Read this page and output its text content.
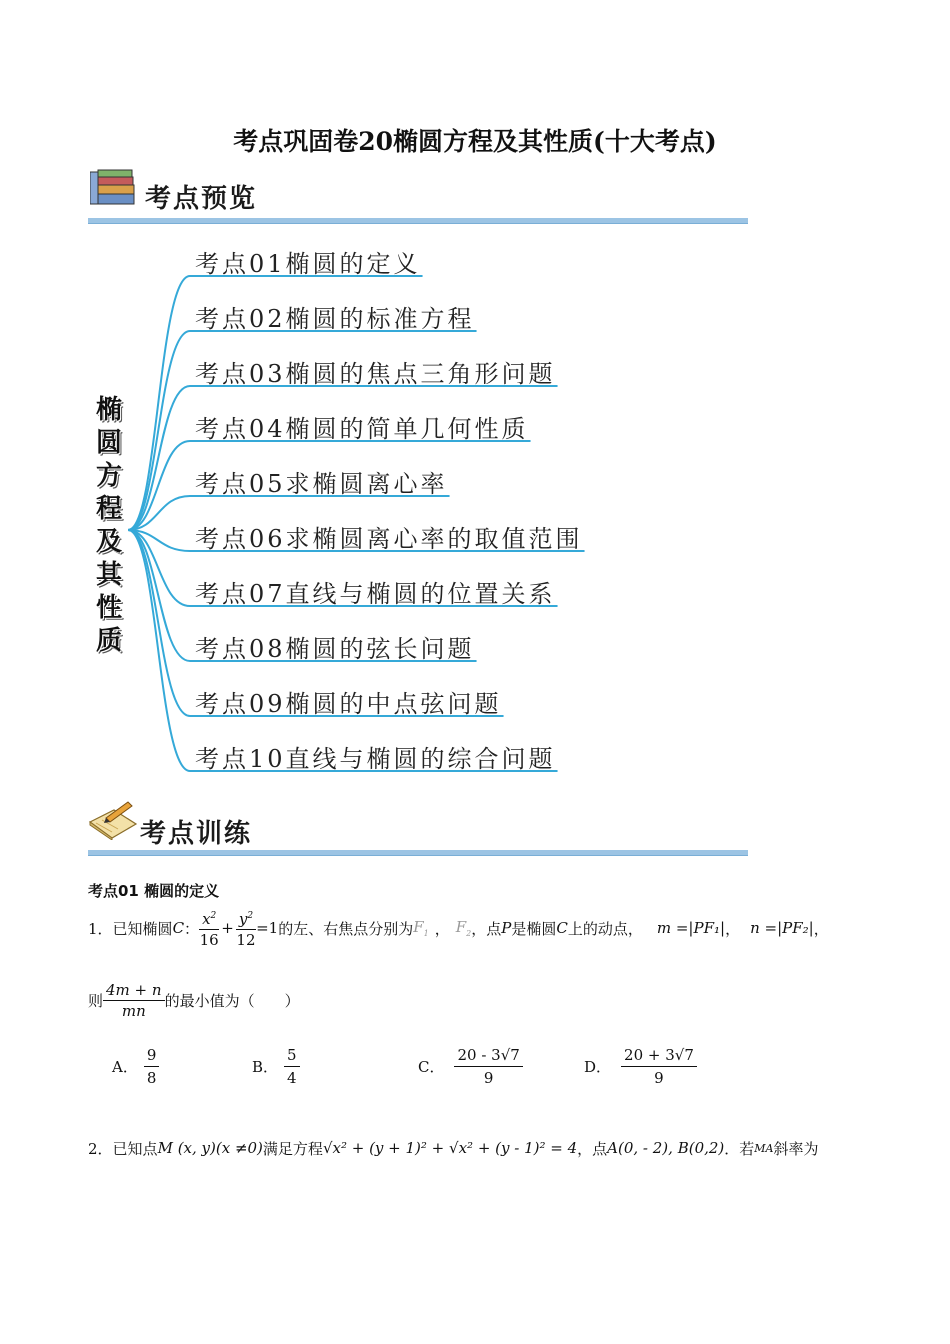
考点巩固卷20椭圆方程及其性质(十大考点)
考点预览
椭
圆
方
程
及
其
性
质
考点01椭圆的定义
考点02椭圆的标准方程
考点03椭圆的焦点三角形问题
考点04椭圆的简单几何性质
考点05求椭圆离心率
考点06求椭圆离心率的取值范围
考点07直线与椭圆的位置关系
考点08椭圆的弦长问题
考点09椭圆的中点弦问题
考点10直线与椭圆的综合问题
考点训练
考点01 椭圆的定义
1． 已知椭圆 C ： $\frac{x^2}{16} + \frac{y^2}{12} =1$ 的左、右焦点分别为 $F_1$ ， $F_2$ ，点 P 是椭圆 C 上的动点， m =|PF₁| ， n =|PF₂| ，
则 $\frac{4m + n}{mn}$ 的最小值为（　　）
A．
9
8
B．
5
4
C．
20 - 3√7
9
D．
20 + 3√7
9
2． 已知点 M (x, y)(x ≠0) 满足方程 √x² + (y + 1)² + √x² + (y - 1)² = 4 ，点 A(0, - 2), B(0,2) ．若 MA 斜率为
